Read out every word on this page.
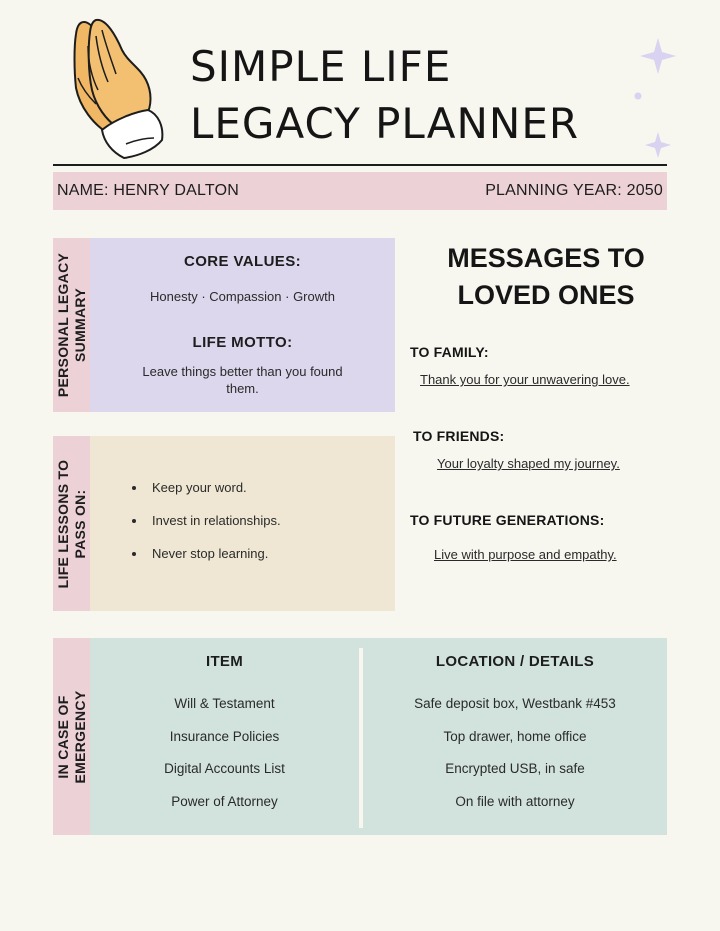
SIMPLE LIFE
LEGACY PLANNER
NAME: HENRY DALTON	PLANNING YEAR: 2050
PERSONAL LEGACY SUMMARY
CORE VALUES:
Honesty · Compassion · Growth
LIFE MOTTO:
Leave things better than you found
them.
LIFE LESSONS TO PASS ON:
Keep your word.
Invest in relationships.
Never stop learning.
MESSAGES TO
LOVED ONES
TO FAMILY:
Thank you for your unwavering love.
TO FRIENDS:
Your loyalty shaped my journey.
TO FUTURE GENERATIONS:
Live with purpose and empathy.
IN CASE OF EMERGENCY
ITEM	LOCATION / DETAILS
Will & Testament
Insurance Policies
Digital Accounts List
Power of Attorney
Safe deposit box, Westbank #453
Top drawer, home office
Encrypted USB, in safe
On file with attorney
